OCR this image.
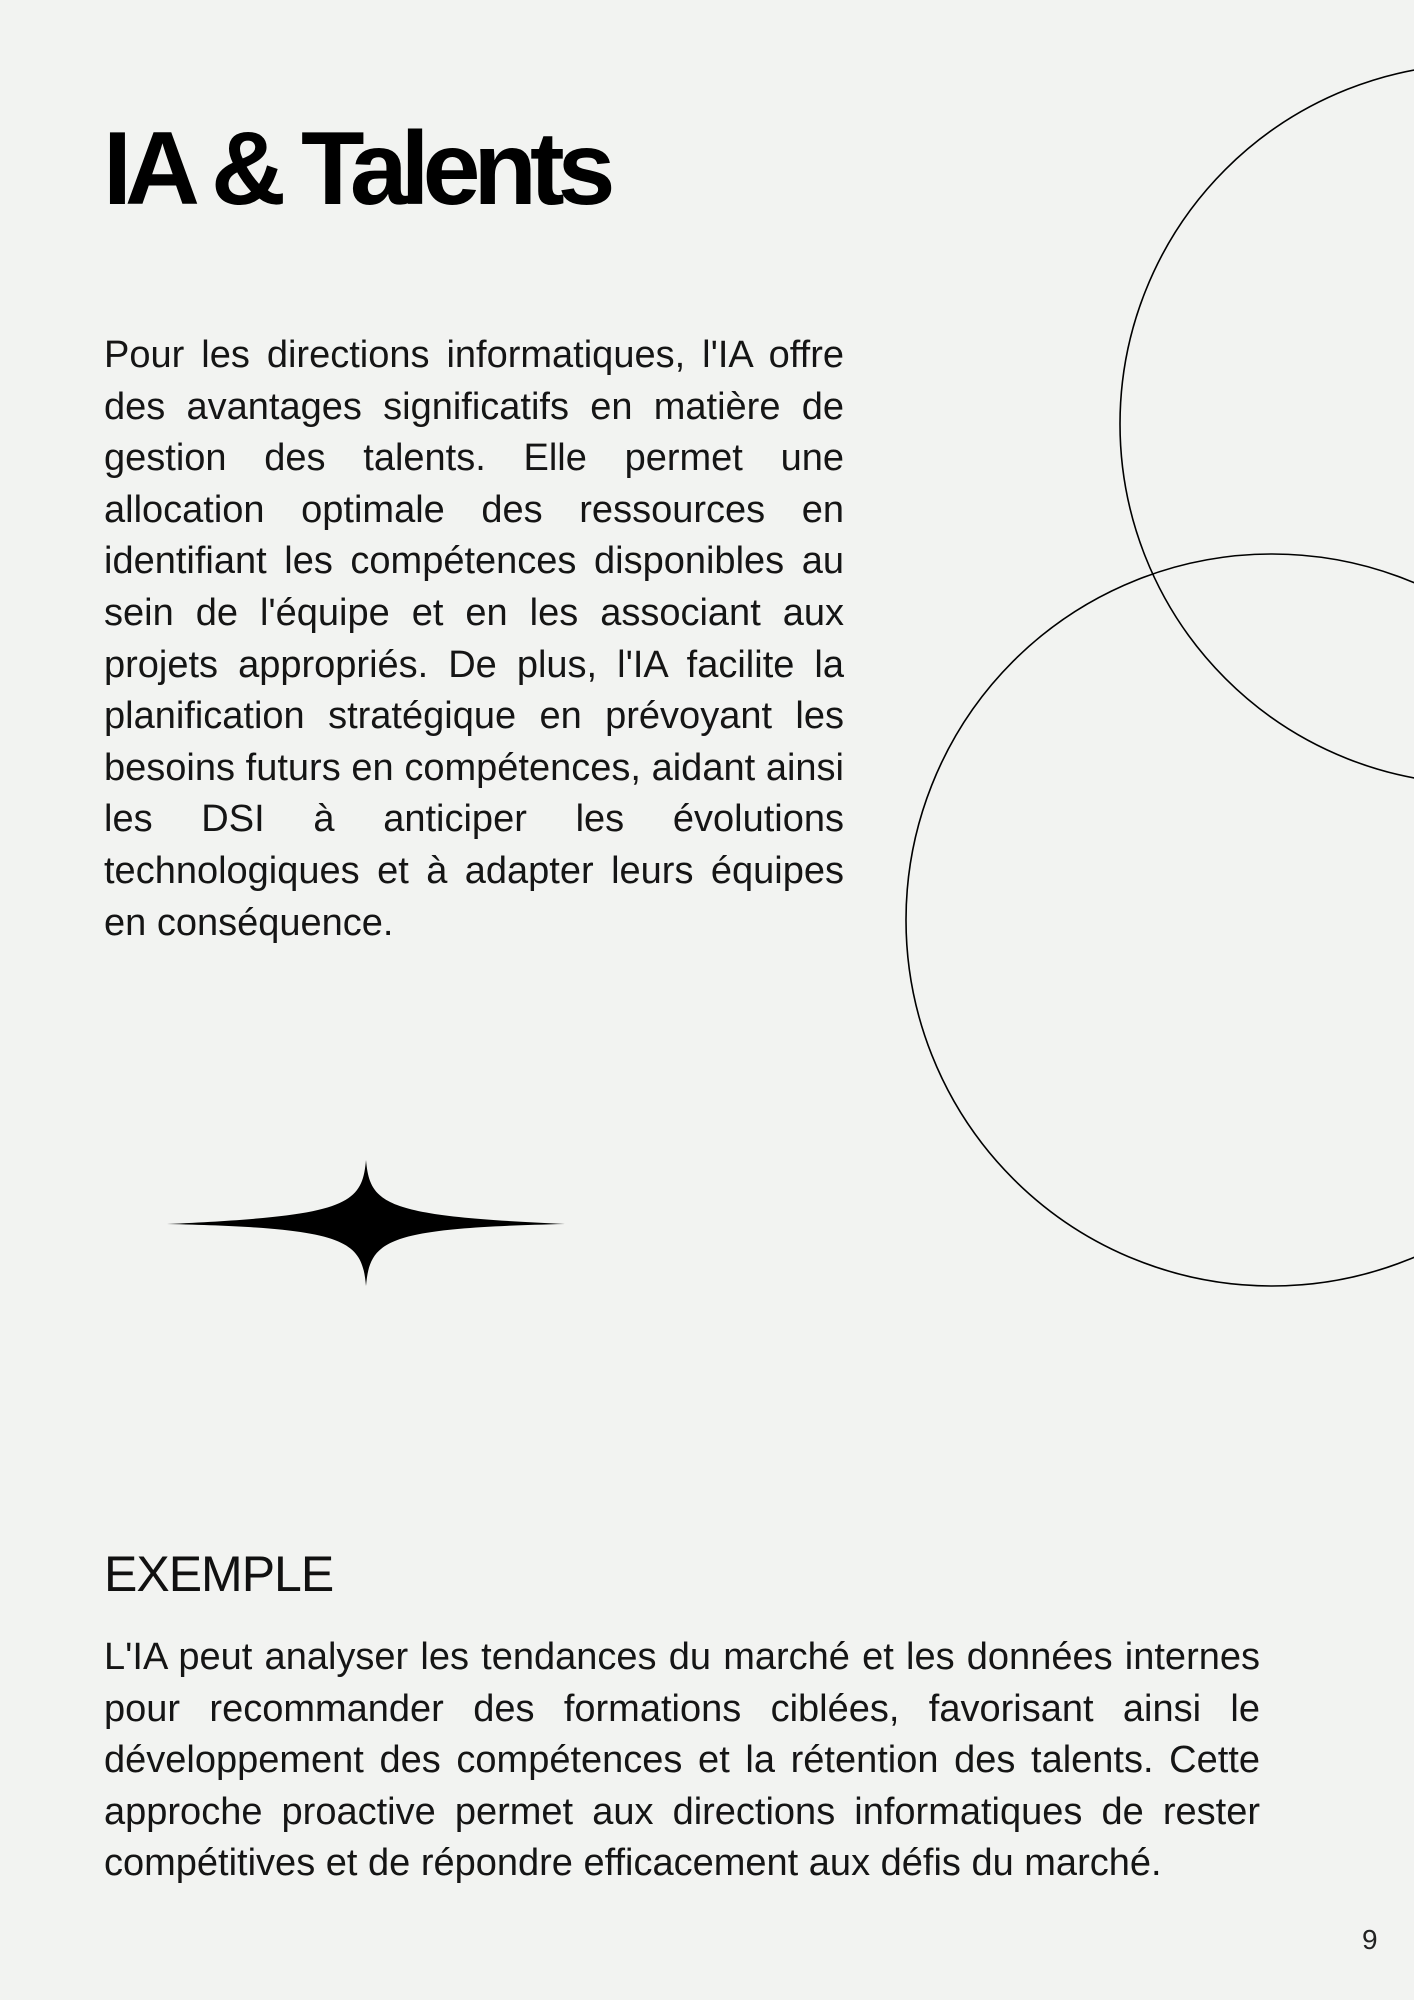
IA & Talents

Pour les directions informatiques, l'IA offre des avantages significatifs en matière de gestion des talents. Elle permet une allocation optimale des ressources en identifiant les compétences disponibles au sein de l'équipe et en les associant aux projets appropriés. De plus, l'IA facilite la planification stratégique en prévoyant les besoins futurs en compétences, aidant ainsi les DSI à anticiper les évolutions technologiques et à adapter leurs équipes en conséquence.

EXEMPLE

L'IA peut analyser les tendances du marché et les données internes pour recommander des formations ciblées, favorisant ainsi le développement des compétences et la rétention des talents. Cette approche proactive permet aux directions informatiques de rester compétitives et de répondre efficacement aux défis du marché.

9
